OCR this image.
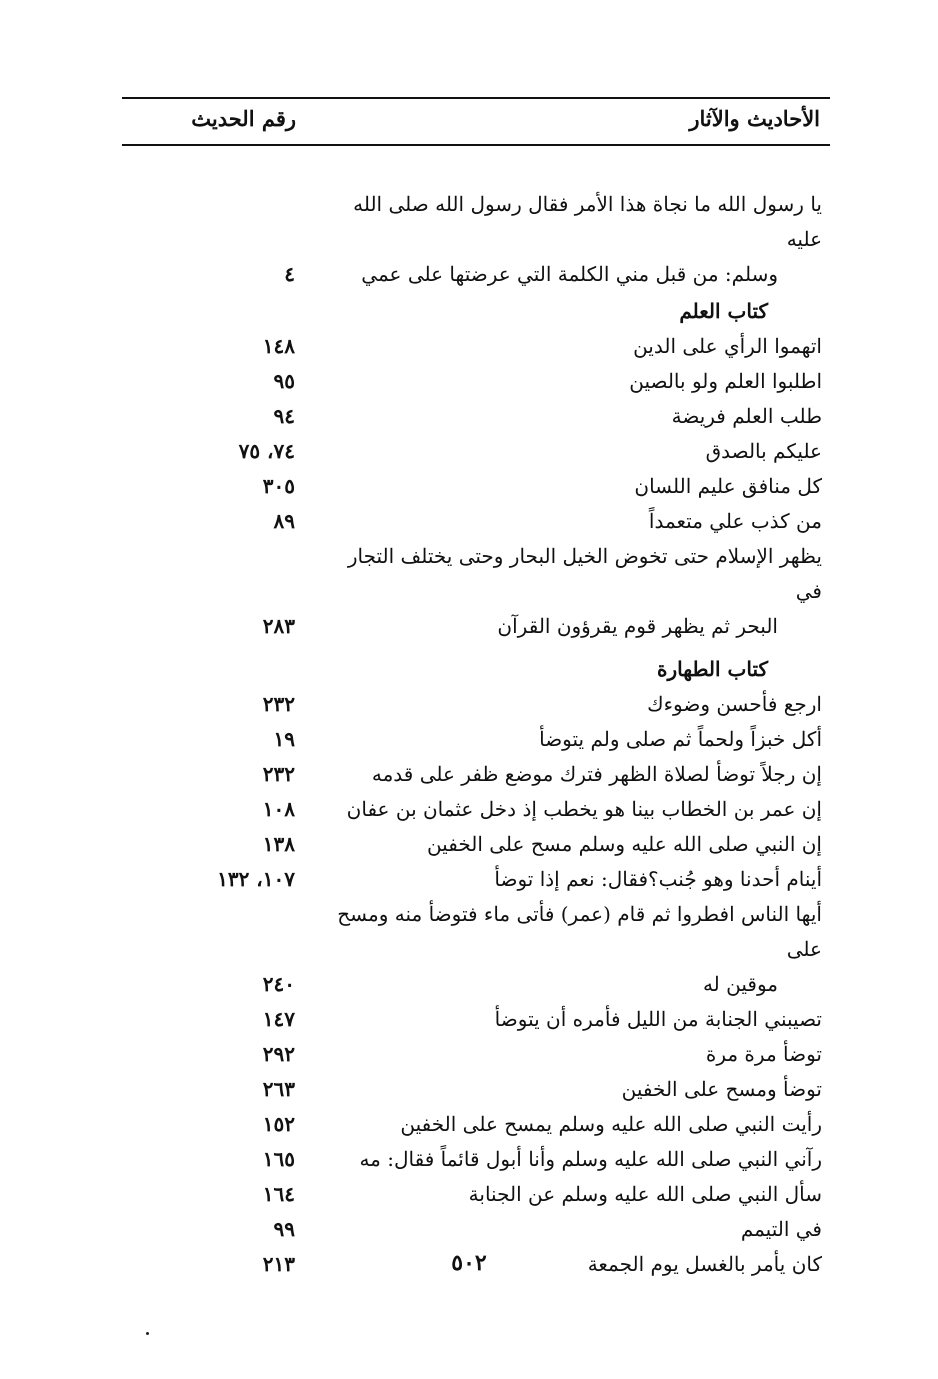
الأحاديث والآثار
رقم الحديث
يا رسول الله ما نجاة هذا الأمر فقال رسول الله صلى الله عليه
وسلم: من قبل مني الكلمة التي عرضتها على عمي
٤
كتاب العلم
اتهموا الرأي على الدين
١٤٨
اطلبوا العلم ولو بالصين
٩٥
طلب العلم فريضة
٩٤
عليكم بالصدق
٧٤، ٧٥
كل منافق عليم اللسان
٣٠٥
من كذب علي متعمداً
٨٩
يظهر الإسلام حتى تخوض الخيل البحار وحتى يختلف التجار في
البحر ثم يظهر قوم يقرؤون القرآن
٢٨٣
كتاب الطهارة
ارجع فأحسن وضوءك
٢٣٢
أكل خبزاً ولحماً ثم صلى ولم يتوضأ
١٩
إن رجلاً توضأ لصلاة الظهر فترك موضع ظفر على قدمه
٢٣٢
إن عمر بن الخطاب بينا هو يخطب إذ دخل عثمان بن عفان
١٠٨
إن النبي صلى الله عليه وسلم مسح على الخفين
١٣٨
أينام أحدنا وهو جُنب؟فقال: نعم إذا توضأ
١٠٧، ١٣٢
أيها الناس افطروا ثم قام (عمر) فأتى ماء فتوضأ منه ومسح على
موقين له
٢٤٠
تصيبني الجنابة من الليل فأمره أن يتوضأ
١٤٧
توضأ مرة مرة
٢٩٢
توضأ ومسح على الخفين
٢٦٣
رأيت النبي صلى الله عليه وسلم يمسح على الخفين
١٥٢
رآني النبي صلى الله عليه وسلم وأنا أبول قائماً فقال: مه
١٦٥
سأل النبي صلى الله عليه وسلم عن الجنابة
١٦٤
في التيمم
٩٩
كان يأمر بالغسل يوم الجمعة
٢١٣	٥٠٢
